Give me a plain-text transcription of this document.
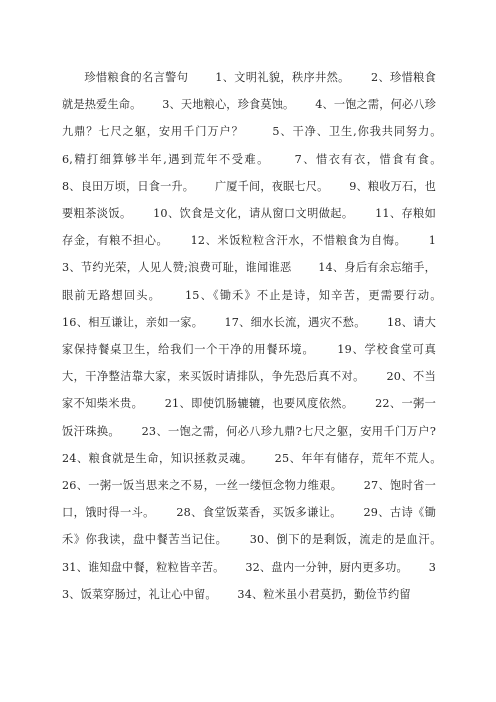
珍惜粮食的名言警句　　 1、文明礼貌，秩序井然。　　 2、珍惜粮食就是热爱生命。　　 3、天地粮心，珍食莫蚀。　　 4、一饱之需，何必八珍九鼎？七尺之躯，安用千门万户？　　 5、干净、卫生,你我共同努力。　　 6,精打细算够半年,遇到荒年不受难。　　 7、惜衣有衣，惜食有食。　　 8、良田万顷，日食一升。　　 广厦千间，夜眠七尺。　　 9、粮收万石，也要粗茶淡饭。　　 10、饮食是文化，请从窗口文明做起。　　 11、存粮如存金，有粮不担心。　　 12、米饭粒粒含汗水，不惜粮食为自悔。　　 13、节约光荣，人见人赞;浪费可耻，谁闻谁恶　　 14、身后有余忘缩手，眼前无路想回头。　　 15、《锄禾》不止是诗，知辛苦，更需要行动。　　 16、相互谦让，亲如一家。　　 17、细水长流，遇灾不愁。　　 18、请大家保持餐桌卫生，给我们一个干净的用餐环境。　　 19、学校食堂可真大，干净整洁靠大家，来买饭时请排队，争先恐后真不对。　　 20、不当家不知柴米贵。　　 21、即使饥肠辘辘，也要风度依然。　　 22、一粥一饭汗珠换。　　 23、一饱之需，何必八珍九鼎?七尺之躯，安用千门万户?　　 24、粮食就是生命，知识拯救灵魂。　　 25、年年有储存，荒年不荒人。　　 26、一粥一饭当思来之不易，一丝一缕恒念物力维艰。　　 27、饱时省一口，饿时得一斗。　　 28、食堂饭菜香，买饭多谦让。　　 29、古诗《锄禾》你我读，盘中餐苦当记住。　　 30、倒下的是剩饭，流走的是血汗。　　 31、谁知盘中餐，粒粒皆辛苦。　　 32、盘内一分钟，厨内更多功。　　 33、饭菜穿肠过，礼让心中留。　　 34、粒米虽小君莫扔，勤俭节约留
